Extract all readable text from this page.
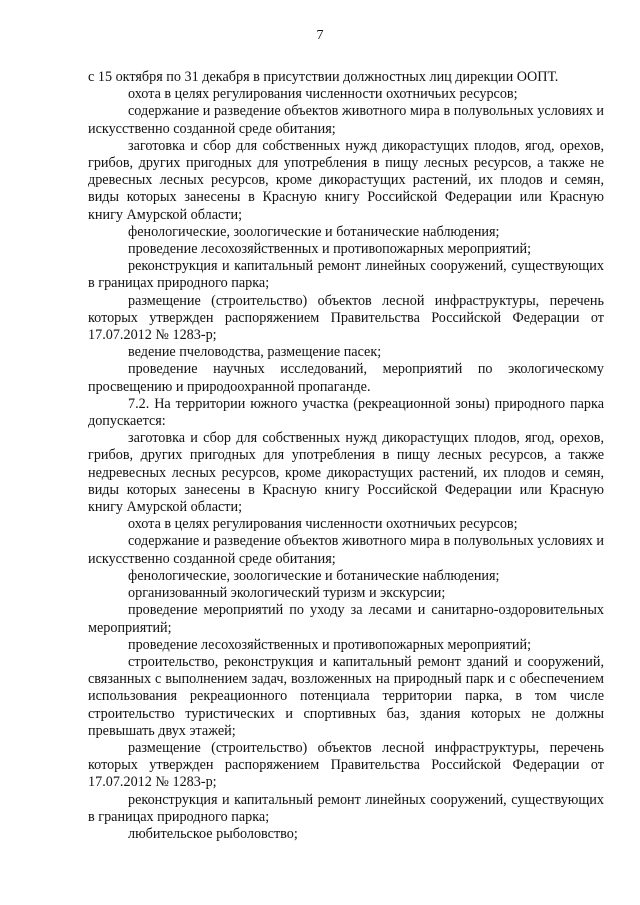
7

с 15 октября по 31 декабря в присутствии должностных лиц дирекции ООПТ.

охота в целях регулирования численности охотничьих ресурсов;

содержание и разведение объектов животного мира в полувольных условиях и искусственно созданной среде обитания;

заготовка и сбор для собственных нужд дикорастущих плодов, ягод, орехов, грибов, других пригодных для употребления в пищу лесных ресурсов, а также не древесных лесных ресурсов, кроме дикорастущих растений, их плодов и семян, виды которых занесены в Красную книгу Российской Федерации или Красную книгу Амурской области;

фенологические, зоологические и ботанические наблюдения;

проведение лесохозяйственных и противопожарных мероприятий;

реконструкция и капитальный ремонт линейных сооружений, существующих в границах природного парка;

размещение (строительство) объектов лесной инфраструктуры, перечень которых утвержден распоряжением Правительства Российской Федерации от 17.07.2012 № 1283-р;

ведение пчеловодства, размещение пасек;

проведение научных исследований, мероприятий по экологическому просвещению и природоохранной пропаганде.

7.2. На территории южного участка (рекреационной зоны) природного парка допускается:

заготовка и сбор для собственных нужд дикорастущих плодов, ягод, орехов, грибов, других пригодных для употребления в пищу лесных ресурсов, а также недревесных лесных ресурсов, кроме дикорастущих растений, их плодов и семян, виды которых занесены в Красную книгу Российской Федерации или Красную книгу Амурской области;

охота в целях регулирования численности охотничьих ресурсов;

содержание и разведение объектов животного мира в полувольных условиях и искусственно созданной среде обитания;

фенологические, зоологические и ботанические наблюдения;

организованный экологический туризм и экскурсии;

проведение мероприятий по уходу за лесами и санитарно-оздоровительных мероприятий;

проведение лесохозяйственных и противопожарных мероприятий;

строительство, реконструкция и капитальный ремонт зданий и сооружений, связанных с выполнением задач, возложенных на природный парк и с обеспечением использования рекреационного потенциала территории парка, в том числе строительство туристических и спортивных баз, здания которых не должны превышать двух этажей;

размещение (строительство) объектов лесной инфраструктуры, перечень которых утвержден распоряжением Правительства Российской Федерации от 17.07.2012 № 1283-р;

реконструкция и капитальный ремонт линейных сооружений, существующих в границах природного парка;

любительское рыболовство;
